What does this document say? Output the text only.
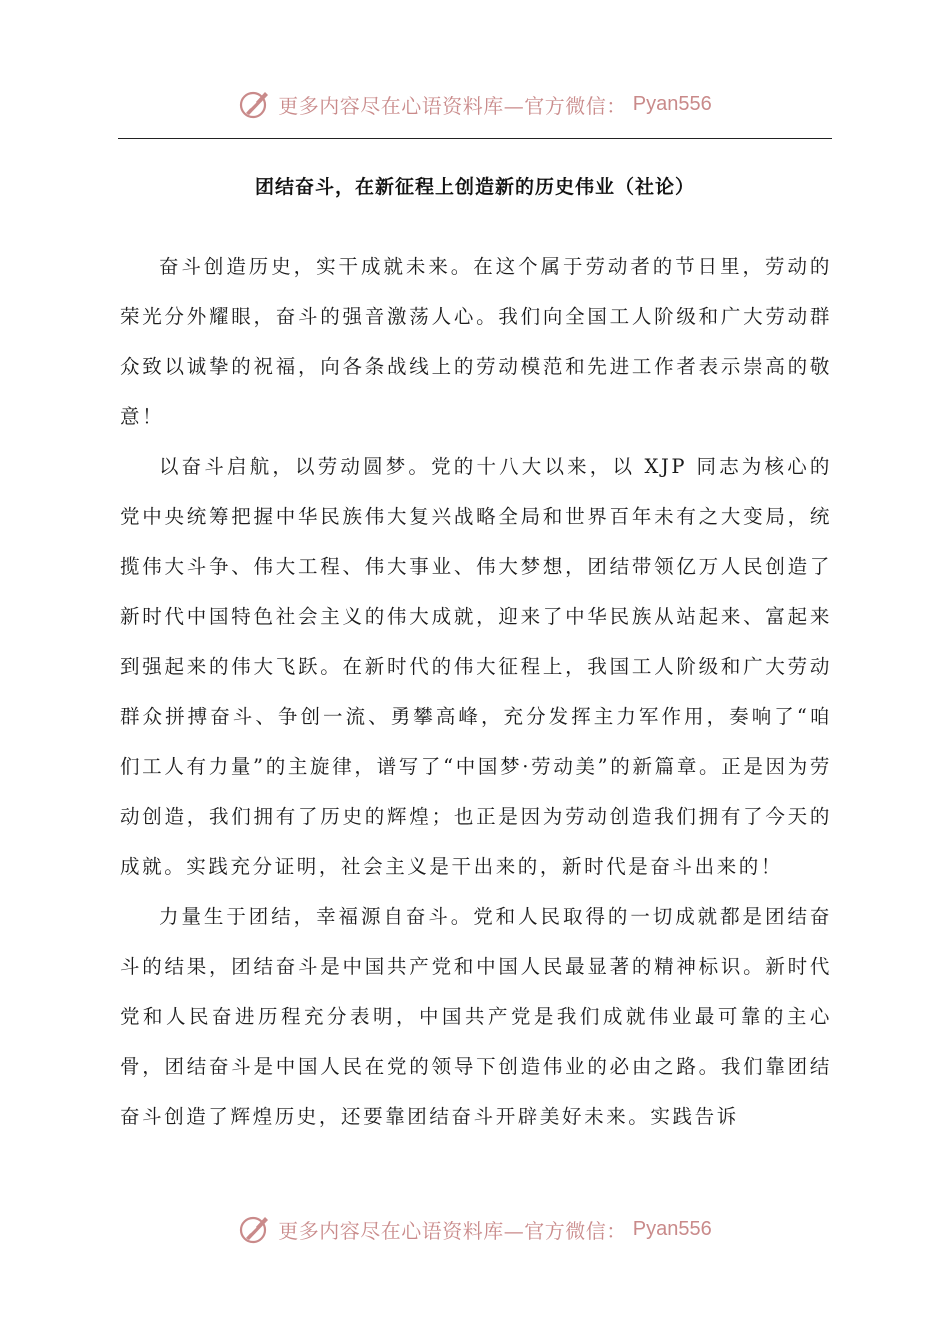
更多内容尽在心语资料库—官方微信： Pyan556
团结奋斗，在新征程上创造新的历史伟业（社论）

奋斗创造历史，实干成就未来。在这个属于劳动者的节日里，劳动的荣光分外耀眼，奋斗的强音激荡人心。我们向全国工人阶级和广大劳动群众致以诚挚的祝福，向各条战线上的劳动模范和先进工作者表示崇高的敬意！

以奋斗启航，以劳动圆梦。党的十八大以来，以 XJP 同志为核心的党中央统筹把握中华民族伟大复兴战略全局和世界百年未有之大变局，统揽伟大斗争、伟大工程、伟大事业、伟大梦想，团结带领亿万人民创造了新时代中国特色社会主义的伟大成就，迎来了中华民族从站起来、富起来到强起来的伟大飞跃。在新时代的伟大征程上，我国工人阶级和广大劳动群众拼搏奋斗、争创一流、勇攀高峰，充分发挥主力军作用，奏响了“咱们工人有力量”的主旋律，谱写了“中国梦·劳动美”的新篇章。正是因为劳动创造，我们拥有了历史的辉煌；也正是因为劳动创造我们拥有了今天的成就。实践充分证明，社会主义是干出来的，新时代是奋斗出来的！

力量生于团结，幸福源自奋斗。党和人民取得的一切成就都是团结奋斗的结果，团结奋斗是中国共产党和中国人民最显著的精神标识。新时代党和人民奋进历程充分表明，中国共产党是我们成就伟业最可靠的主心骨，团结奋斗是中国人民在党的领导下创造伟业的必由之路。我们靠团结奋斗创造了辉煌历史，还要靠团结奋斗开辟美好未来。实践告诉

更多内容尽在心语资料库—官方微信： Pyan556
